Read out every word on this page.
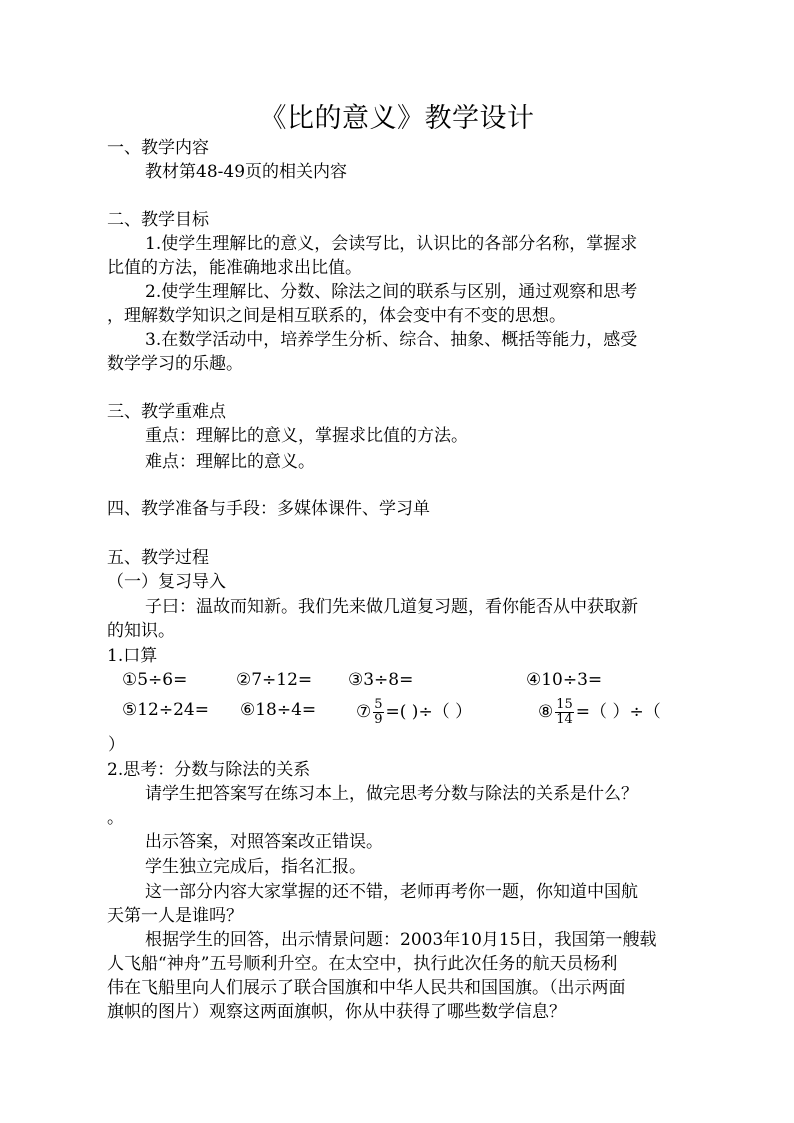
《比的意义》教学设计
一、教学内容
教材第48-49页的相关内容
二、教学目标
1.使学生理解比的意义，会读写比，认识比的各部分名称，掌握求
比值的方法，能准确地求出比值。
2.使学生理解比、分数、除法之间的联系与区别，通过观察和思考
，理解数学知识之间是相互联系的，体会变中有不变的思想。
3.在数学活动中，培养学生分析、综合、抽象、概括等能力，感受
数学学习的乐趣。
三、教学重难点
重点：理解比的意义，掌握求比值的方法。
难点：理解比的意义。
四、教学准备与手段：多媒体课件、学习单
五、教学过程
（一）复习导入
子曰：温故而知新。我们先来做几道复习题，看你能否从中获取新
的知识。
1.口算
①5÷6=	②7÷12= ③3÷8=	④10÷3=
⑤12÷24= ⑥18÷4= ⑦ $\frac{5}{9}$ =( )÷（ ）	⑧ $\frac{15}{14}$ =（ ）÷（
）
2.思考：分数与除法的关系
请学生把答案写在练习本上，做完思考分数与除法的关系是什么？
。
出示答案，对照答案改正错误。
学生独立完成后，指名汇报。
这一部分内容大家掌握的还不错，老师再考你一题，你知道中国航
天第一人是谁吗？
根据学生的回答，出示情景问题：2003年10月15日，我国第一艘载
人飞船“神舟”五号顺利升空。在太空中，执行此次任务的航天员杨利
伟在飞船里向人们展示了联合国旗和中华人民共和国国旗。（出示两面
旗帜的图片）观察这两面旗帜，你从中获得了哪些数学信息？
